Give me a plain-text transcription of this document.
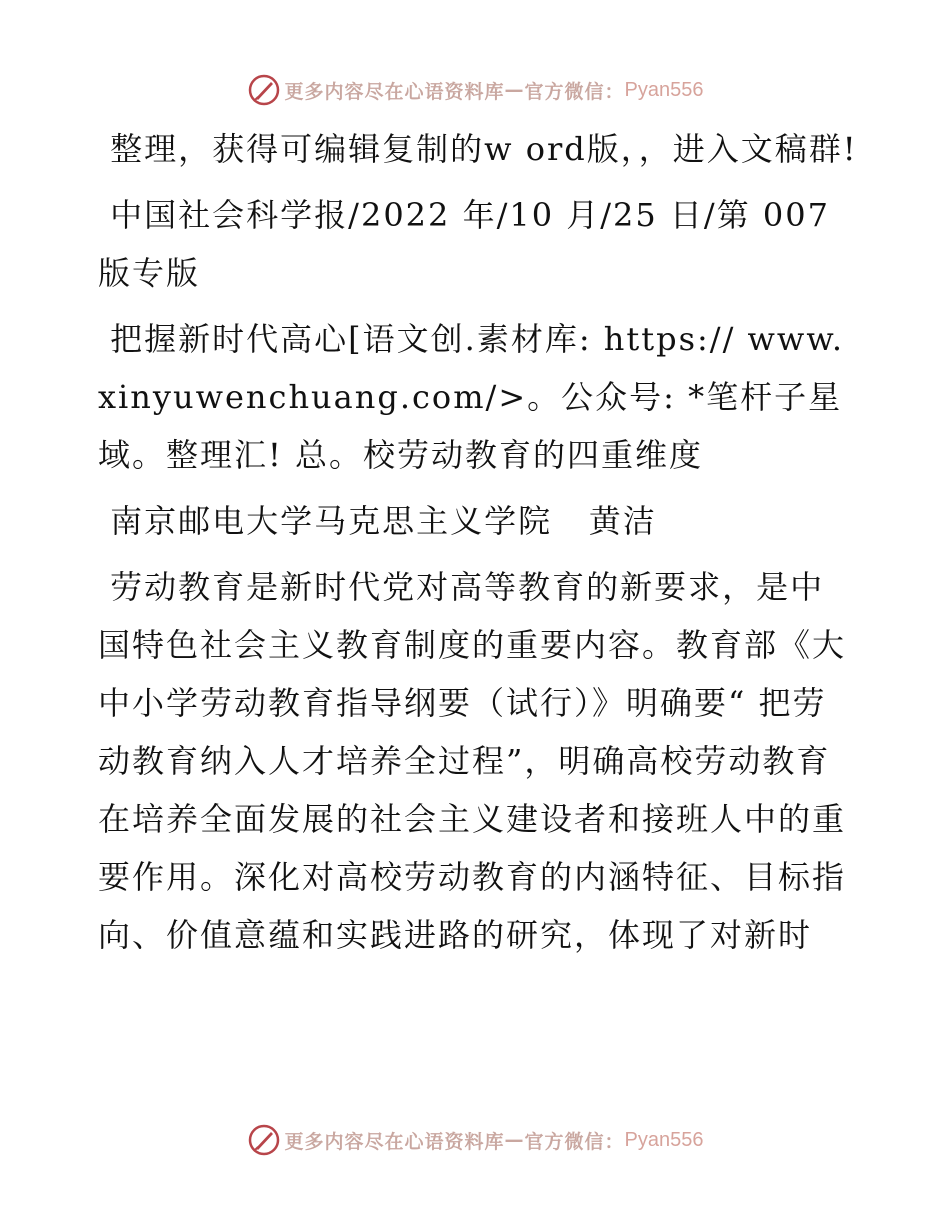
更多内容尽在心语资料库 — 官方微信： Pyan556

整理，获得可编辑复制的w ord版，，进入文稿群!

中国社会科学报/2022 年/10 月/25 日/第 007 版专版

把握新时代高心[语文创.素材库: https:// www.xinyuwenchuang.com/>。公众号: *笔杆子星域。整理汇! 总。校劳动教育的四重维度

南京邮电大学马克思主义学院   黄洁

劳动教育是新时代党对高等教育的新要求，是中国特色社会主义教育制度的重要内容。教育部《大中小学劳动教育指导纲要（试行）》明确要“ 把劳动教育纳入人才培养全过程”，明确高校劳动教育在培养全面发展的社会主义建设者和接班人中的重要作用。深化对高校劳动教育的内涵特征、目标指向、价值意蕴和实践进路的研究，体现了对新时

更多内容尽在心语资料库 — 官方微信： Pyan556
